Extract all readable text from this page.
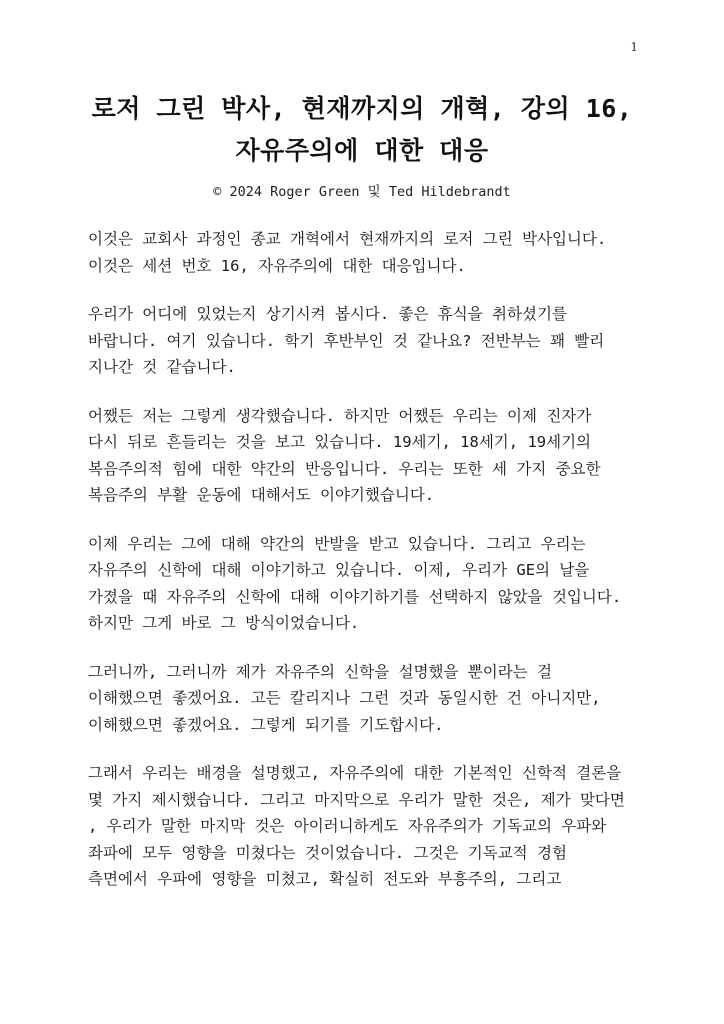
1
로저 그린 박사, 현재까지의 개혁, 강의 16,
자유주의에 대한 대응
© 2024 Roger Green 및 Ted Hildebrandt
이것은 교회사 과정인 종교 개혁에서 현재까지의 로저 그린 박사입니다.
이것은 세션 번호 16, 자유주의에 대한 대응입니다.
우리가 어디에 있었는지 상기시켜 봅시다. 좋은 휴식을 취하셨기를
바랍니다. 여기 있습니다. 학기 후반부인 것 같나요? 전반부는 꽤 빨리
지나간 것 같습니다.
어쨌든 저는 그렇게 생각했습니다. 하지만 어쨌든 우리는 이제 진자가
다시 뒤로 흔들리는 것을 보고 있습니다. 19세기, 18세기, 19세기의
복음주의적 힘에 대한 약간의 반응입니다. 우리는 또한 세 가지 중요한
복음주의 부활 운동에 대해서도 이야기했습니다.
이제 우리는 그에 대해 약간의 반발을 받고 있습니다. 그리고 우리는
자유주의 신학에 대해 이야기하고 있습니다. 이제, 우리가 GE의 날을
가졌을 때 자유주의 신학에 대해 이야기하기를 선택하지 않았을 것입니다.
하지만 그게 바로 그 방식이었습니다.
그러니까, 그러니까 제가 자유주의 신학을 설명했을 뿐이라는 걸
이해했으면 좋겠어요. 고든 칼리지나 그런 것과 동일시한 건 아니지만,
이해했으면 좋겠어요. 그렇게 되기를 기도합시다.
그래서 우리는 배경을 설명했고, 자유주의에 대한 기본적인 신학적 결론을
몇 가지 제시했습니다. 그리고 마지막으로 우리가 말한 것은, 제가 맞다면
, 우리가 말한 마지막 것은 아이러니하게도 자유주의가 기독교의 우파와
좌파에 모두 영향을 미쳤다는 것이었습니다. 그것은 기독교적 경험
측면에서 우파에 영향을 미쳤고, 확실히 전도와 부흥주의, 그리고
